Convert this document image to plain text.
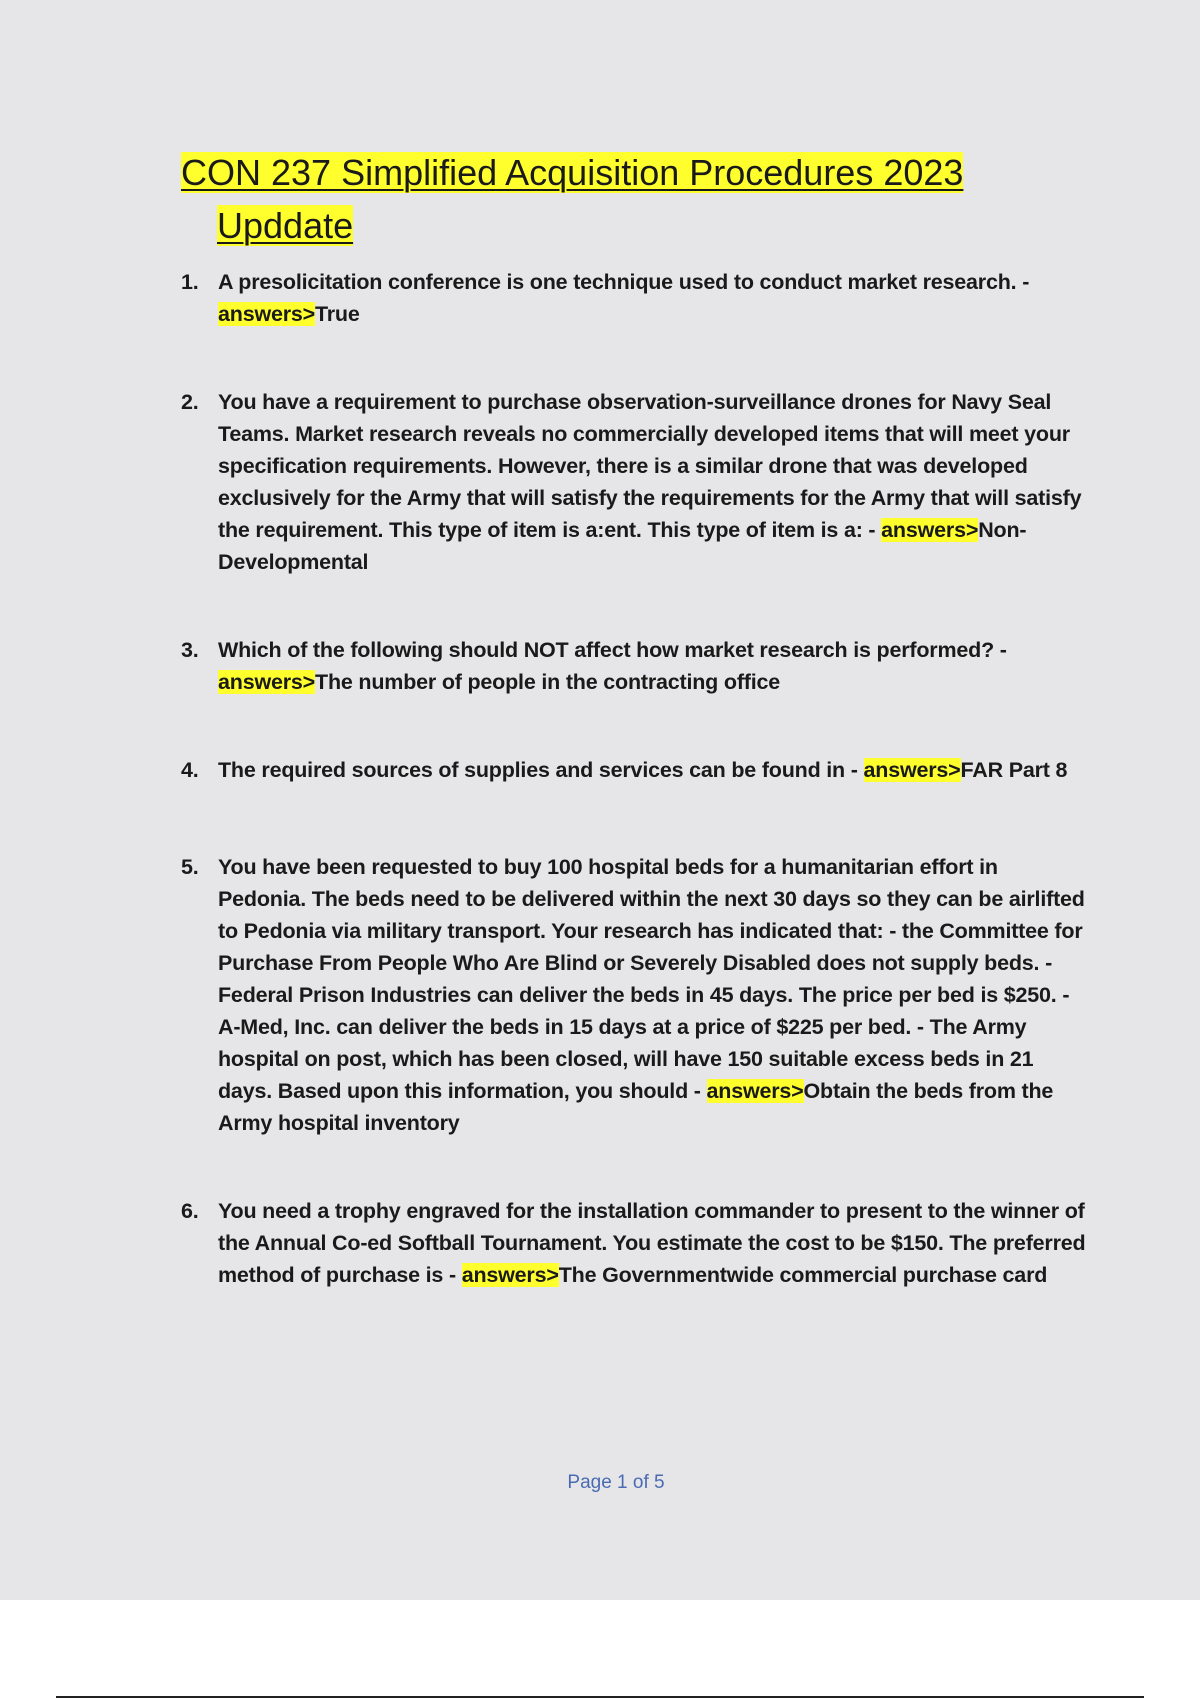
CON 237 Simplified Acquisition Procedures 2023 Upddate
1. A presolicitation conference is one technique used to conduct market research. - answers>True
2. You have a requirement to purchase observation-surveillance drones for Navy Seal Teams. Market research reveals no commercially developed items that will meet your specification requirements. However, there is a similar drone that was developed exclusively for the Army that will satisfy the requirements for the Army that will satisfy the requirement. This type of item is a:ent. This type of item is a: - answers>Non-Developmental
3. Which of the following should NOT affect how market research is performed? - answers>The number of people in the contracting office
4. The required sources of supplies and services can be found in - answers>FAR Part 8
5. You have been requested to buy 100 hospital beds for a humanitarian effort in Pedonia. The beds need to be delivered within the next 30 days so they can be airlifted to Pedonia via military transport. Your research has indicated that: - the Committee for Purchase From People Who Are Blind or Severely Disabled does not supply beds. - Federal Prison Industries can deliver the beds in 45 days. The price per bed is $250. - A-Med, Inc. can deliver the beds in 15 days at a price of $225 per bed. - The Army hospital on post, which has been closed, will have 150 suitable excess beds in 21 days. Based upon this information, you should - answers>Obtain the beds from the Army hospital inventory
6. You need a trophy engraved for the installation commander to present to the winner of the Annual Co-ed Softball Tournament. You estimate the cost to be $150. The preferred method of purchase is - answers>The Governmentwide commercial purchase card
Page 1 of 5
